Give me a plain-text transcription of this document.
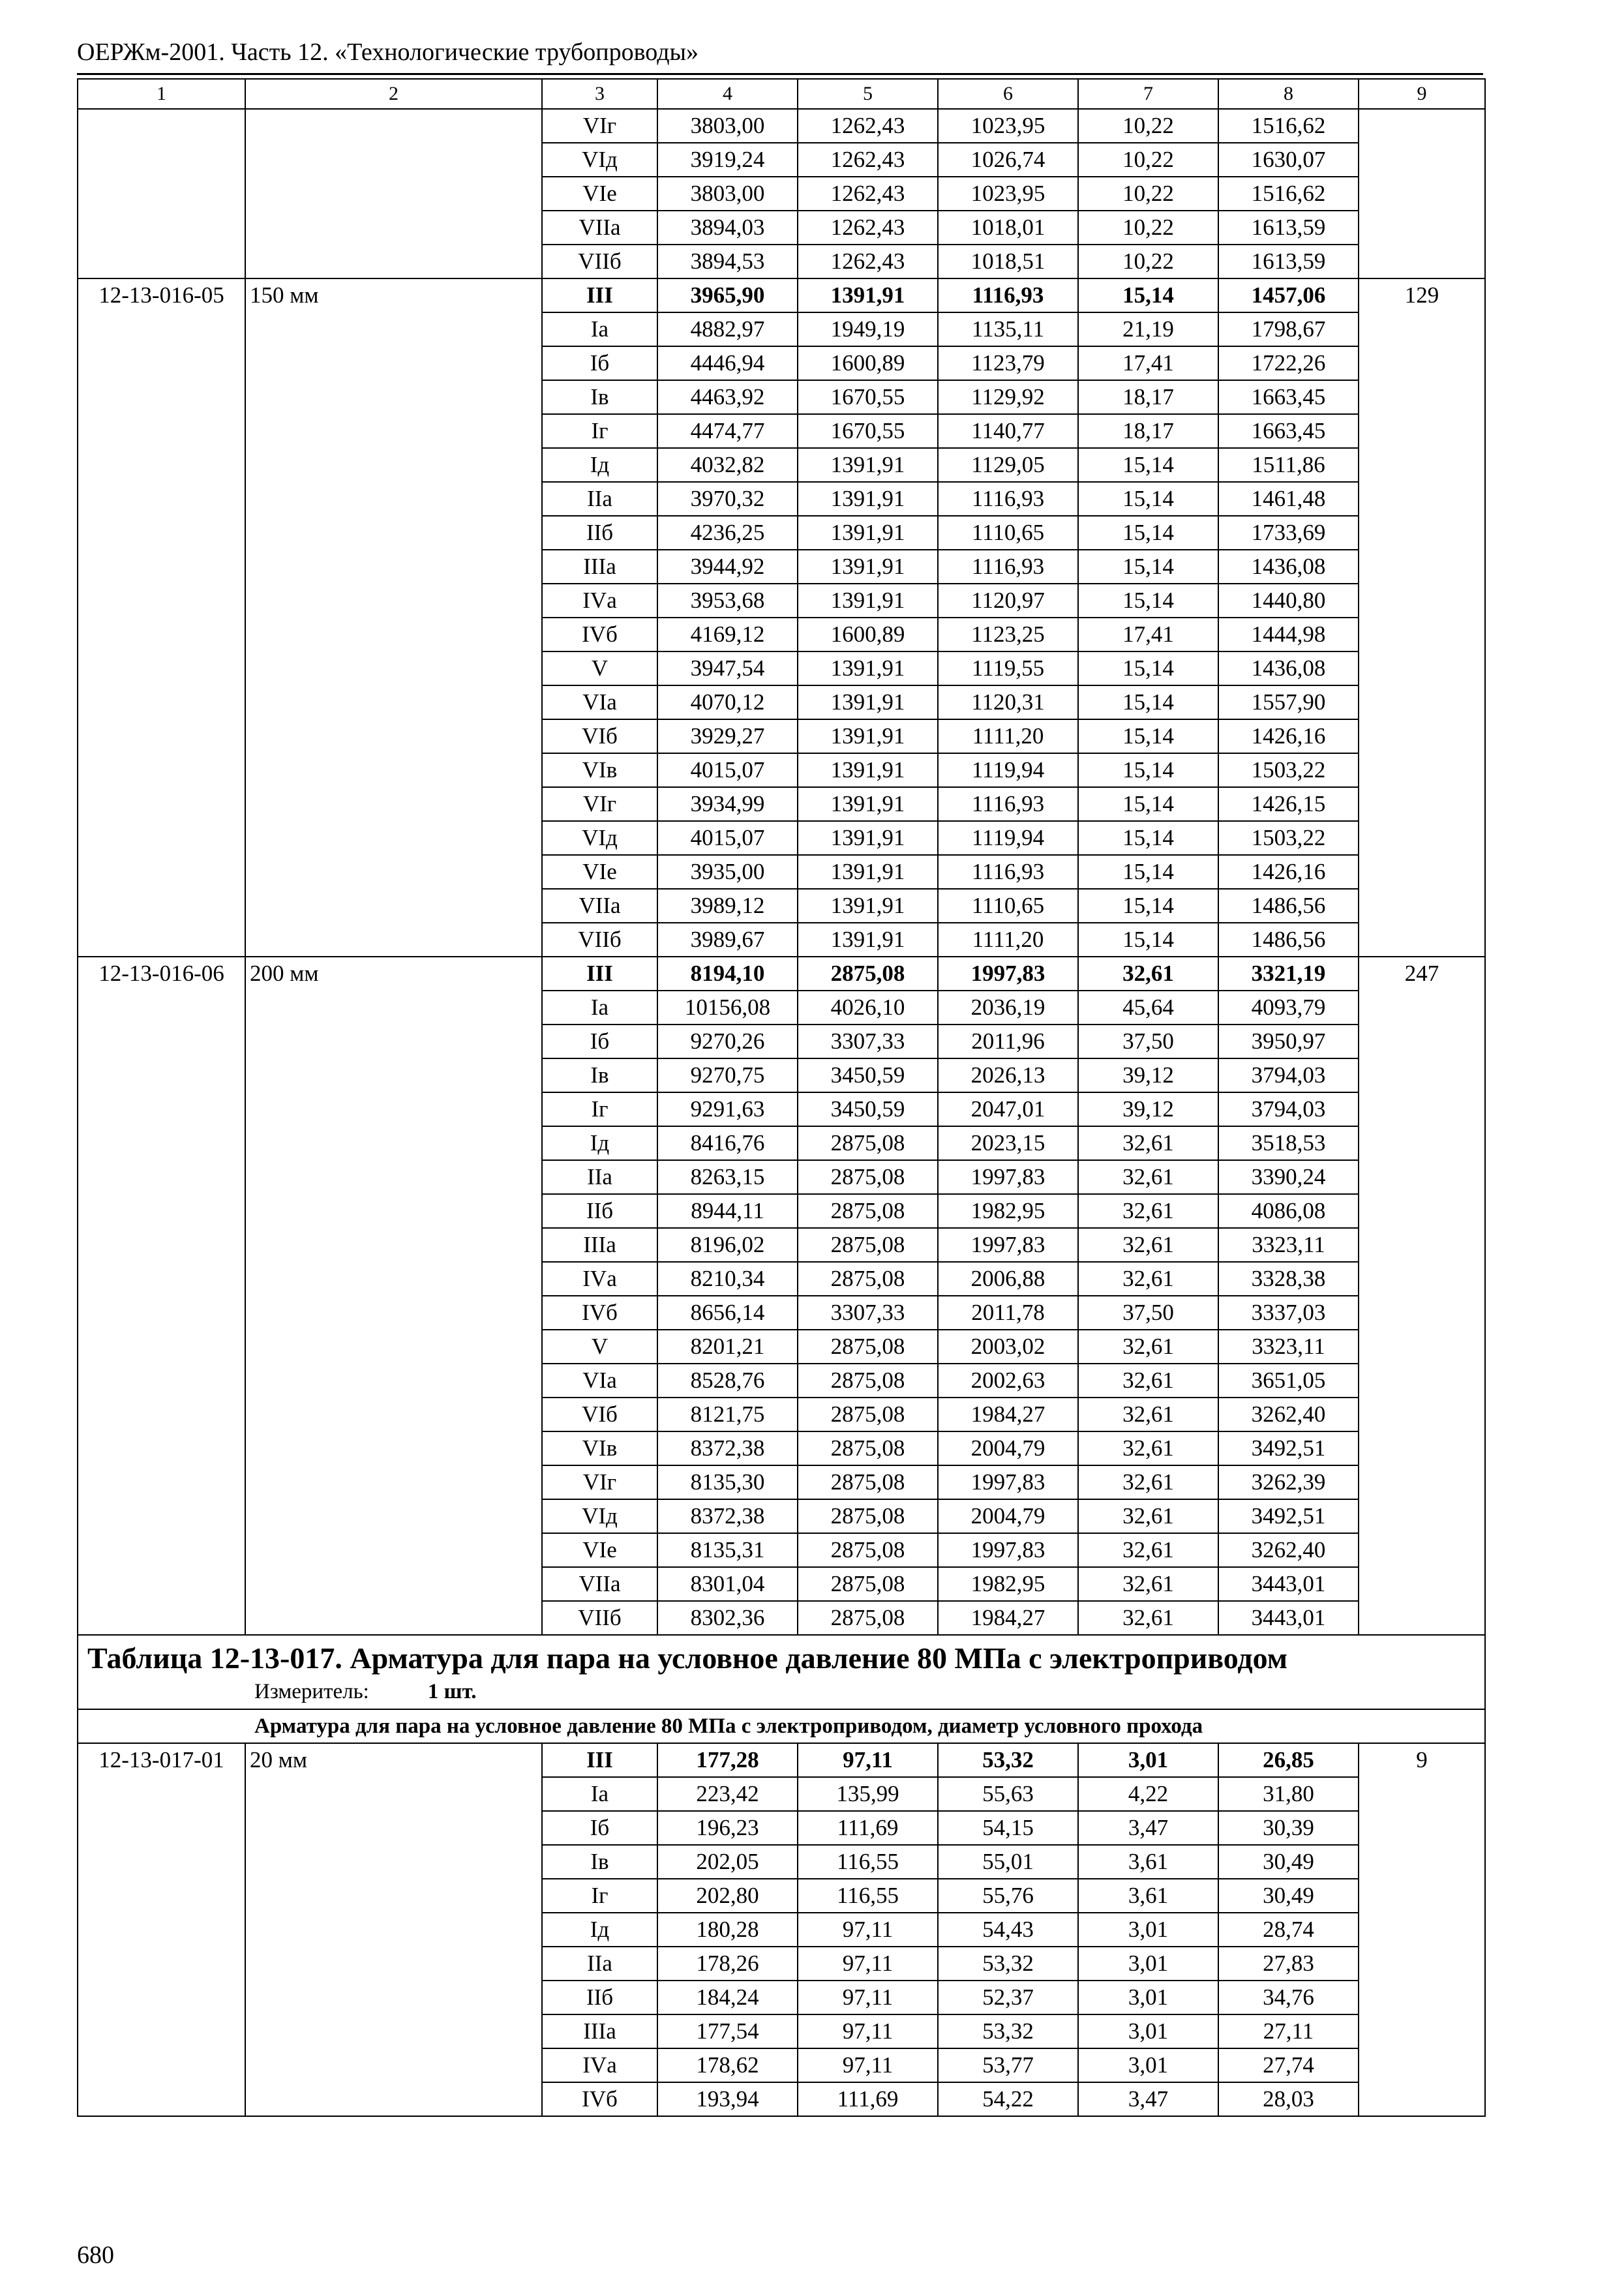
ОЕРЖм-2001. Часть 12. «Технологические трубопроводы»
1	2	3	4	5	6	7	8	9
		VIг	3803,00	1262,43	1023,95	10,22	1516,62	
		VIд	3919,24	1262,43	1026,74	10,22	1630,07	
		VIе	3803,00	1262,43	1023,95	10,22	1516,62	
		VIIа	3894,03	1262,43	1018,01	10,22	1613,59	
		VIIб	3894,53	1262,43	1018,51	10,22	1613,59	
12-13-016-05	150 мм	III	3965,90	1391,91	1116,93	15,14	1457,06	129
		Iа	4882,97	1949,19	1135,11	21,19	1798,67	
		Iб	4446,94	1600,89	1123,79	17,41	1722,26	
		Iв	4463,92	1670,55	1129,92	18,17	1663,45	
		Iг	4474,77	1670,55	1140,77	18,17	1663,45	
		Iд	4032,82	1391,91	1129,05	15,14	1511,86	
		IIа	3970,32	1391,91	1116,93	15,14	1461,48	
		IIб	4236,25	1391,91	1110,65	15,14	1733,69	
		IIIа	3944,92	1391,91	1116,93	15,14	1436,08	
		IVа	3953,68	1391,91	1120,97	15,14	1440,80	
		IVб	4169,12	1600,89	1123,25	17,41	1444,98	
		V	3947,54	1391,91	1119,55	15,14	1436,08	
		VIа	4070,12	1391,91	1120,31	15,14	1557,90	
		VIб	3929,27	1391,91	1111,20	15,14	1426,16	
		VIв	4015,07	1391,91	1119,94	15,14	1503,22	
		VIг	3934,99	1391,91	1116,93	15,14	1426,15	
		VIд	4015,07	1391,91	1119,94	15,14	1503,22	
		VIе	3935,00	1391,91	1116,93	15,14	1426,16	
		VIIа	3989,12	1391,91	1110,65	15,14	1486,56	
		VIIб	3989,67	1391,91	1111,20	15,14	1486,56	
12-13-016-06	200 мм	III	8194,10	2875,08	1997,83	32,61	3321,19	247
		Iа	10156,08	4026,10	2036,19	45,64	4093,79	
		Iб	9270,26	3307,33	2011,96	37,50	3950,97	
		Iв	9270,75	3450,59	2026,13	39,12	3794,03	
		Iг	9291,63	3450,59	2047,01	39,12	3794,03	
		Iд	8416,76	2875,08	2023,15	32,61	3518,53	
		IIа	8263,15	2875,08	1997,83	32,61	3390,24	
		IIб	8944,11	2875,08	1982,95	32,61	4086,08	
		IIIа	8196,02	2875,08	1997,83	32,61	3323,11	
		IVа	8210,34	2875,08	2006,88	32,61	3328,38	
		IVб	8656,14	3307,33	2011,78	37,50	3337,03	
		V	8201,21	2875,08	2003,02	32,61	3323,11	
		VIа	8528,76	2875,08	2002,63	32,61	3651,05	
		VIб	8121,75	2875,08	1984,27	32,61	3262,40	
		VIв	8372,38	2875,08	2004,79	32,61	3492,51	
		VIг	8135,30	2875,08	1997,83	32,61	3262,39	
		VIд	8372,38	2875,08	2004,79	32,61	3492,51	
		VIе	8135,31	2875,08	1997,83	32,61	3262,40	
		VIIа	8301,04	2875,08	1982,95	32,61	3443,01	
		VIIб	8302,36	2875,08	1984,27	32,61	3443,01	
Таблица 12-13-017. Арматура для пара на условное давление 80 МПа с электроприводом								
Измеритель: 1 шт.								
Арматура для пара на условное давление 80 МПа с электроприводом, диаметр условного прохода								
12-13-017-01	20 мм	III	177,28	97,11	53,32	3,01	26,85	9
		Iа	223,42	135,99	55,63	4,22	31,80	
		Iб	196,23	111,69	54,15	3,47	30,39	
		Iв	202,05	116,55	55,01	3,61	30,49	
		Iг	202,80	116,55	55,76	3,61	30,49	
		Iд	180,28	97,11	54,43	3,01	28,74	
		IIа	178,26	97,11	53,32	3,01	27,83	
		IIб	184,24	97,11	52,37	3,01	34,76	
		IIIа	177,54	97,11	53,32	3,01	27,11	
		IVа	178,62	97,11	53,77	3,01	27,74	
		IVб	193,94	111,69	54,22	3,47	28,03	
680
